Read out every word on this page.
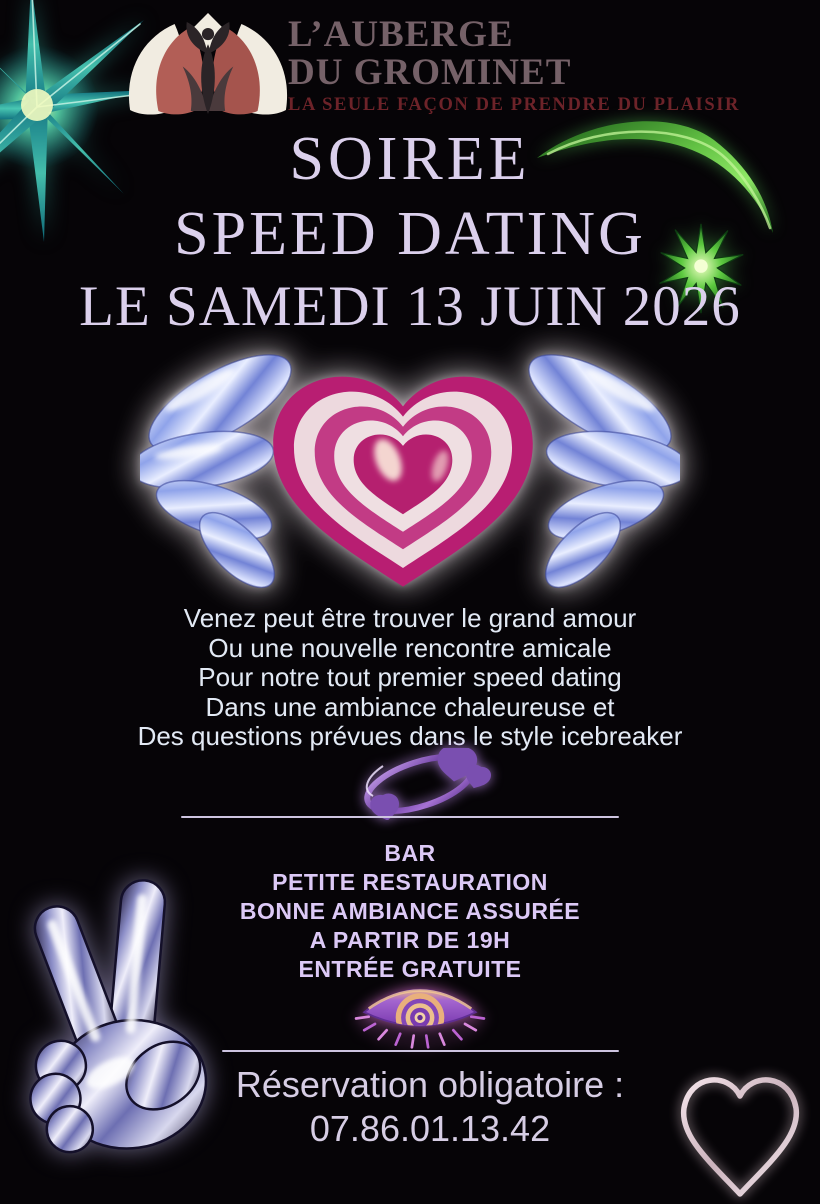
L’AUBERGE
DU GROMINET
LA SEULE FAÇON DE PRENDRE DU PLAISIR
SOIREE
SPEED DATING
LE SAMEDI 13 JUIN 2026
Venez peut être trouver le grand amour
Ou une nouvelle rencontre amicale
Pour notre tout premier speed dating
Dans une ambiance chaleureuse et
Des questions prévues dans le style icebreaker
BAR
PETITE RESTAURATION
BONNE AMBIANCE ASSURÉE
A PARTIR DE 19H
ENTRÉE GRATUITE
Réservation obligatoire :
07.86.01.13.42
